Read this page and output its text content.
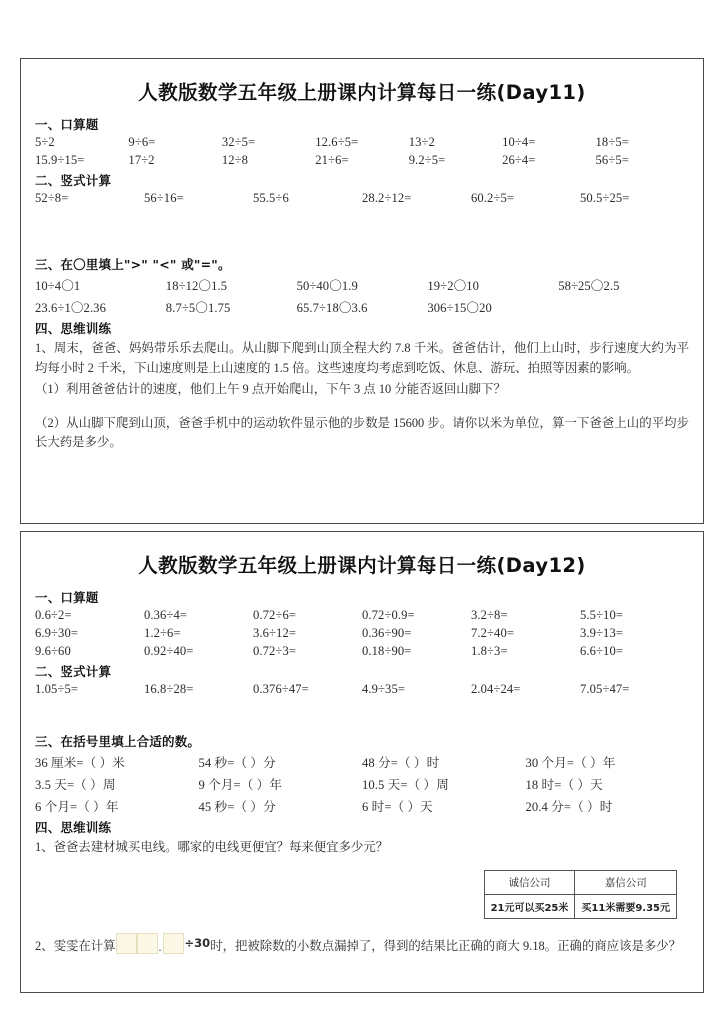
人教版数学五年级上册课内计算每日一练(Day11)
一、口算题
5÷2	9÷6=	32÷5=	12.6÷5=	13÷2	10÷4=	18÷5=
15.9÷15=	17÷2	12÷8	21÷6=	9.2÷5=	26÷4=	56÷5=
二、竖式计算
52÷8=	56÷16=	55.5÷6	28.2÷12=	60.2÷5=	50.5÷25=
三、在〇里填上">" "<" 或"="。
10÷4〇1	18÷12〇1.5	50÷40〇1.9	19÷2〇10	58÷25〇2.5
23.6÷1〇2.36	8.7÷5〇1.75	65.7÷18〇3.6	306÷15〇20
四、思维训练
1、周末，爸爸、妈妈带乐乐去爬山。从山脚下爬到山顶全程大约 7.8 千米。爸爸估计，他们上山时，步行速度大约为平均每小时 2 千米，下山速度则是上山速度的 1.5 倍。这些速度均考虑到吃饭、休息、游玩、拍照等因素的影响。
（1）利用爸爸估计的速度，他们上午 9 点开始爬山，下午 3 点 10 分能否返回山脚下？
（2）从山脚下爬到山顶，爸爸手机中的运动软件显示他的步数是 15600 步。请你以米为单位，算一下爸爸上山的平均步长大药是多少。
人教版数学五年级上册课内计算每日一练(Day12)
一、口算题
0.6÷2=	0.36÷4=	0.72÷6=	0.72÷0.9=	3.2÷8=	5.5÷10=
6.9÷30=	1.2÷6=	3.6÷12=	0.36÷90=	7.2÷40=	3.9÷13=
9.6÷60	0.92÷40=	0.72÷3=	0.18÷90=	1.8÷3=	6.6÷10=
二、竖式计算
1.05÷5=	16.8÷28=	0.376÷47=	4.9÷35=	2.04÷24=	7.05÷47=
三、在括号里填上合适的数。
36 厘米=（ ）米	54 秒=（ ）分	48 分=（ ）时	30 个月=（ ）年
3.5 天=（ ）周	9 个月=（ ）年	10.5 天=（ ）周	18 时=（ ）天
6 个月=（ ）年	45 秒=（ ）分	6 时=（ ）天	20.4 分=（ ）时
四、思维训练
1、爸爸去建材城买电线。哪家的电线更便宜？每来便宜多少元？
诚信公司	嘉信公司
21元可以买25米	买11米需要9.35元
2、雯雯在计算	. ÷30时，把被除数的小数点漏掉了，得到的结果比正确的商大 9.18。正确的商应该是多少？
